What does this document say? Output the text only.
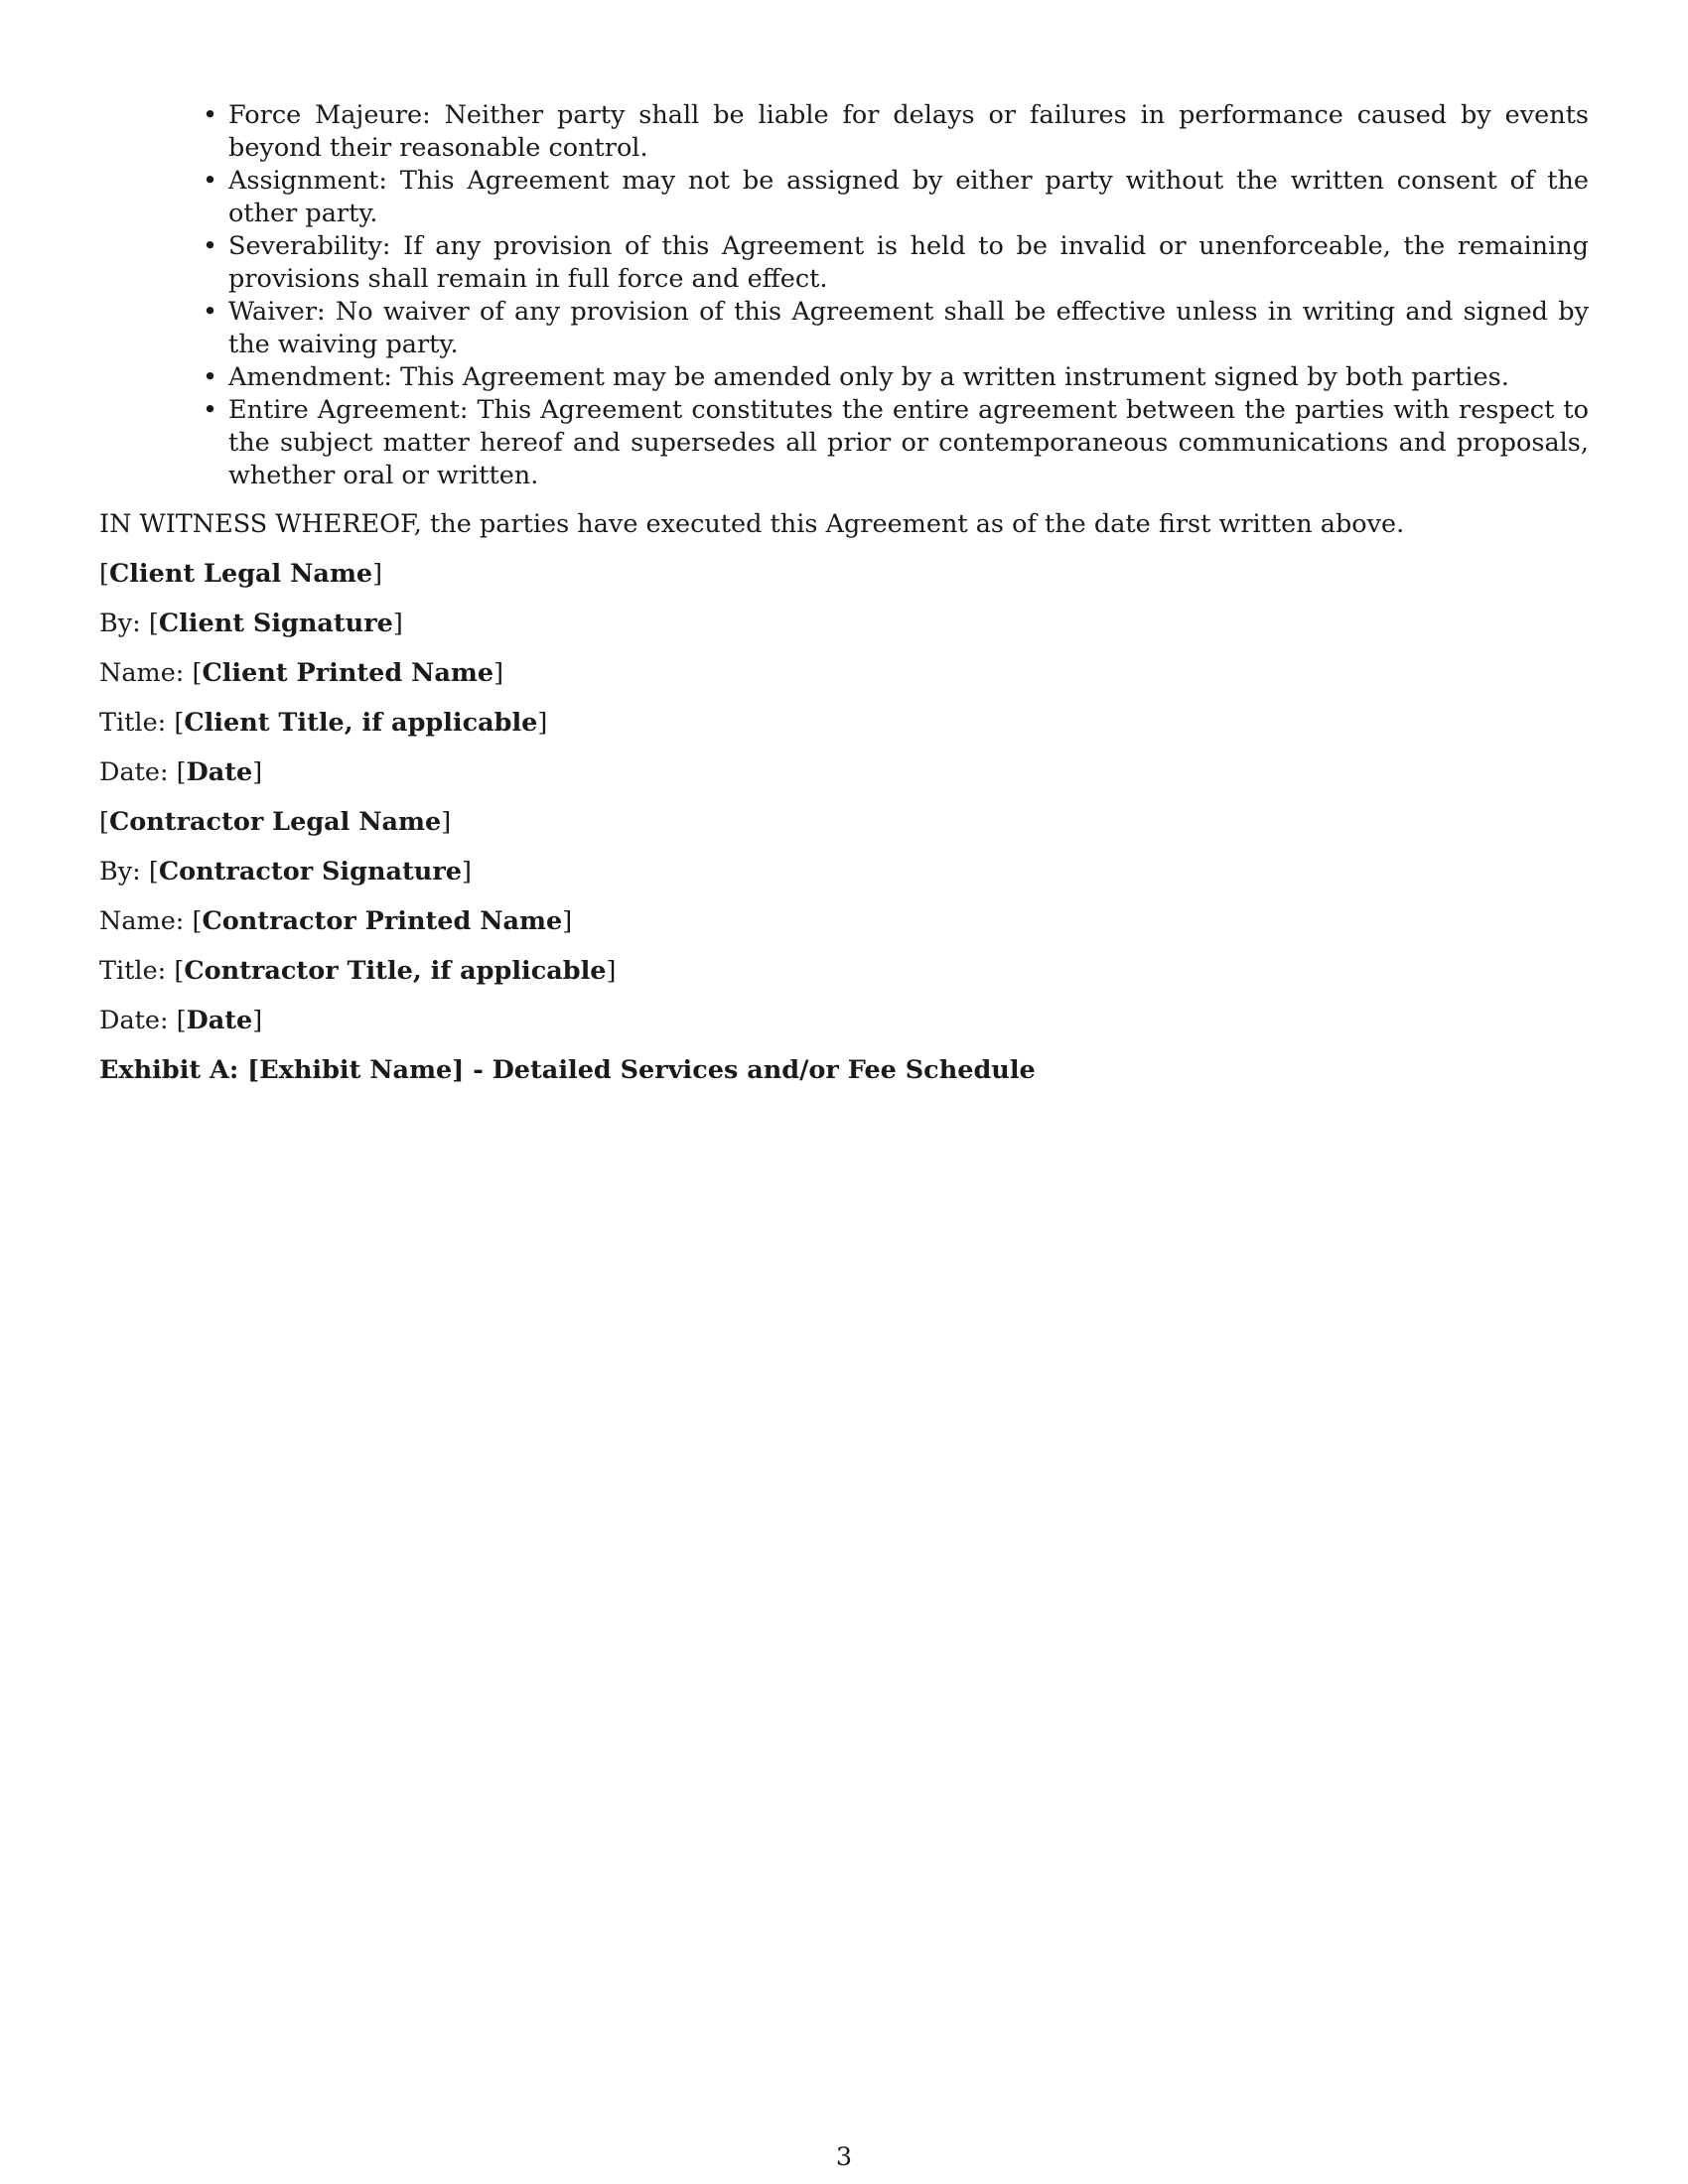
• Force Majeure: Neither party shall be liable for delays or failures in performance caused by events beyond their reasonable control.
• Assignment: This Agreement may not be assigned by either party without the written consent of the other party.
• Severability: If any provision of this Agreement is held to be invalid or unenforceable, the remaining provisions shall remain in full force and effect.
• Waiver: No waiver of any provision of this Agreement shall be effective unless in writing and signed by the waiving party.
• Amendment: This Agreement may be amended only by a written instrument signed by both parties.
• Entire Agreement: This Agreement constitutes the entire agreement between the parties with respect to the subject matter hereof and supersedes all prior or contemporaneous communications and proposals, whether oral or written.

IN WITNESS WHEREOF, the parties have executed this Agreement as of the date first written above.

[Client Legal Name]

By: [Client Signature]

Name: [Client Printed Name]

Title: [Client Title, if applicable]

Date: [Date]

[Contractor Legal Name]

By: [Contractor Signature]

Name: [Contractor Printed Name]

Title: [Contractor Title, if applicable]

Date: [Date]

Exhibit A: [Exhibit Name] - Detailed Services and/or Fee Schedule

3
